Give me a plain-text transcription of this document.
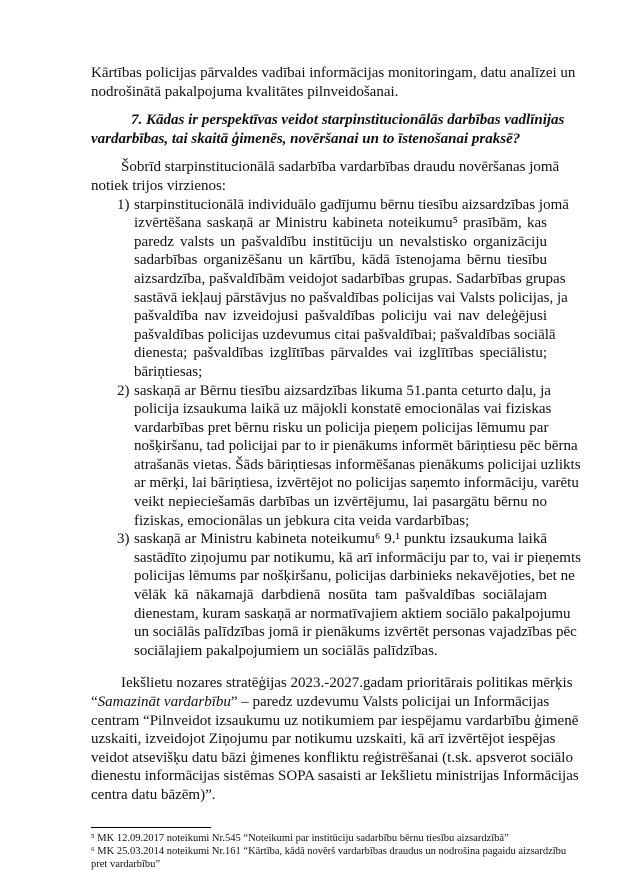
Kārtības policijas pārvaldes vadībai informācijas monitoringam, datu analīzei un
nodrošinātā pakalpojuma kvalitātes pilnveidošanai.
7. Kādas ir perspektīvas veidot starpinstitucionālās darbības vadlīnijas
vardarbības, tai skaitā ģimenēs, novēršanai un to īstenošanai praksē?
Šobrīd starpinstitucionālā sadarbība vardarbības draudu novēršanas jomā
notiek trijos virzienos:
1) starpinstitucionālā individuālo gadījumu bērnu tiesību aizsardzības jomā
izvērtēšana saskaņā ar Ministru kabineta noteikumu⁵ prasībām, kas
paredz valsts un pašvaldību institūciju un nevalstisko organizāciju
sadarbības organizēšanu un kārtību, kādā īstenojama bērnu tiesību
aizsardzība, pašvaldībām veidojot sadarbības grupas. Sadarbības grupas
sastāvā iekļauj pārstāvjus no pašvaldības policijas vai Valsts policijas, ja
pašvaldība nav izveidojusi pašvaldības policiju vai nav deleģējusi
pašvaldības policijas uzdevumus citai pašvaldībai; pašvaldības sociālā
dienesta; pašvaldības izglītības pārvaldes vai izglītības speciālistu;
bāriņtiesas;
2) saskaņā ar Bērnu tiesību aizsardzības likuma 51.panta ceturto daļu, ja
policija izsaukuma laikā uz mājokli konstatē emocionālas vai fiziskas
vardarbības pret bērnu risku un policija pieņem policijas lēmumu par
nošķiršanu, tad policijai par to ir pienākums informēt bāriņtiesu pēc bērna
atrašanās vietas. Šāds bāriņtiesas informēšanas pienākums policijai uzlikts
ar mērķi, lai bāriņtiesa, izvērtējot no policijas saņemto informāciju, varētu
veikt nepieciešamās darbības un izvērtējumu, lai pasargātu bērnu no
fiziskas, emocionālas un jebkura cita veida vardarbības;
3) saskaņā ar Ministru kabineta noteikumu⁶ 9.¹ punktu izsaukuma laikā
sastādīto ziņojumu par notikumu, kā arī informāciju par to, vai ir pieņemts
policijas lēmums par nošķiršanu, policijas darbinieks nekavējoties, bet ne
vēlāk kā nākamajā darbdienā nosūta tam pašvaldības sociālajam
dienestam, kuram saskaņā ar normatīvajiem aktiem sociālo pakalpojumu
un sociālās palīdzības jomā ir pienākums izvērtēt personas vajadzības pēc
sociālajiem pakalpojumiem un sociālās palīdzības.
Iekšlietu nozares stratēģijas 2023.-2027.gadam prioritārais politikas mērķis
“Samazināt vardarbību” – paredz uzdevumu Valsts policijai un Informācijas
centram “Pilnveidot izsaukumu uz notikumiem par iespējamu vardarbību ģimenē
uzskaiti, izveidojot Ziņojumu par notikumu uzskaiti, kā arī izvērtējot iespējas
veidot atsevišķu datu bāzi ģimenes konfliktu reģistrēšanai (t.sk. apsverot sociālo
dienestu informācijas sistēmas SOPA sasaisti ar Iekšlietu ministrijas Informācijas
centra datu bāzēm)”.
⁵ MK 12.09.2017 noteikumi Nr.545 “Noteikumi par institūciju sadarbību bērnu tiesību aizsardzībā”
⁶ MK 25.03.2014 noteikumi Nr.161 “Kārtība, kādā novērš vardarbības draudus un nodrošina pagaidu aizsardzību
pret vardarbību”
